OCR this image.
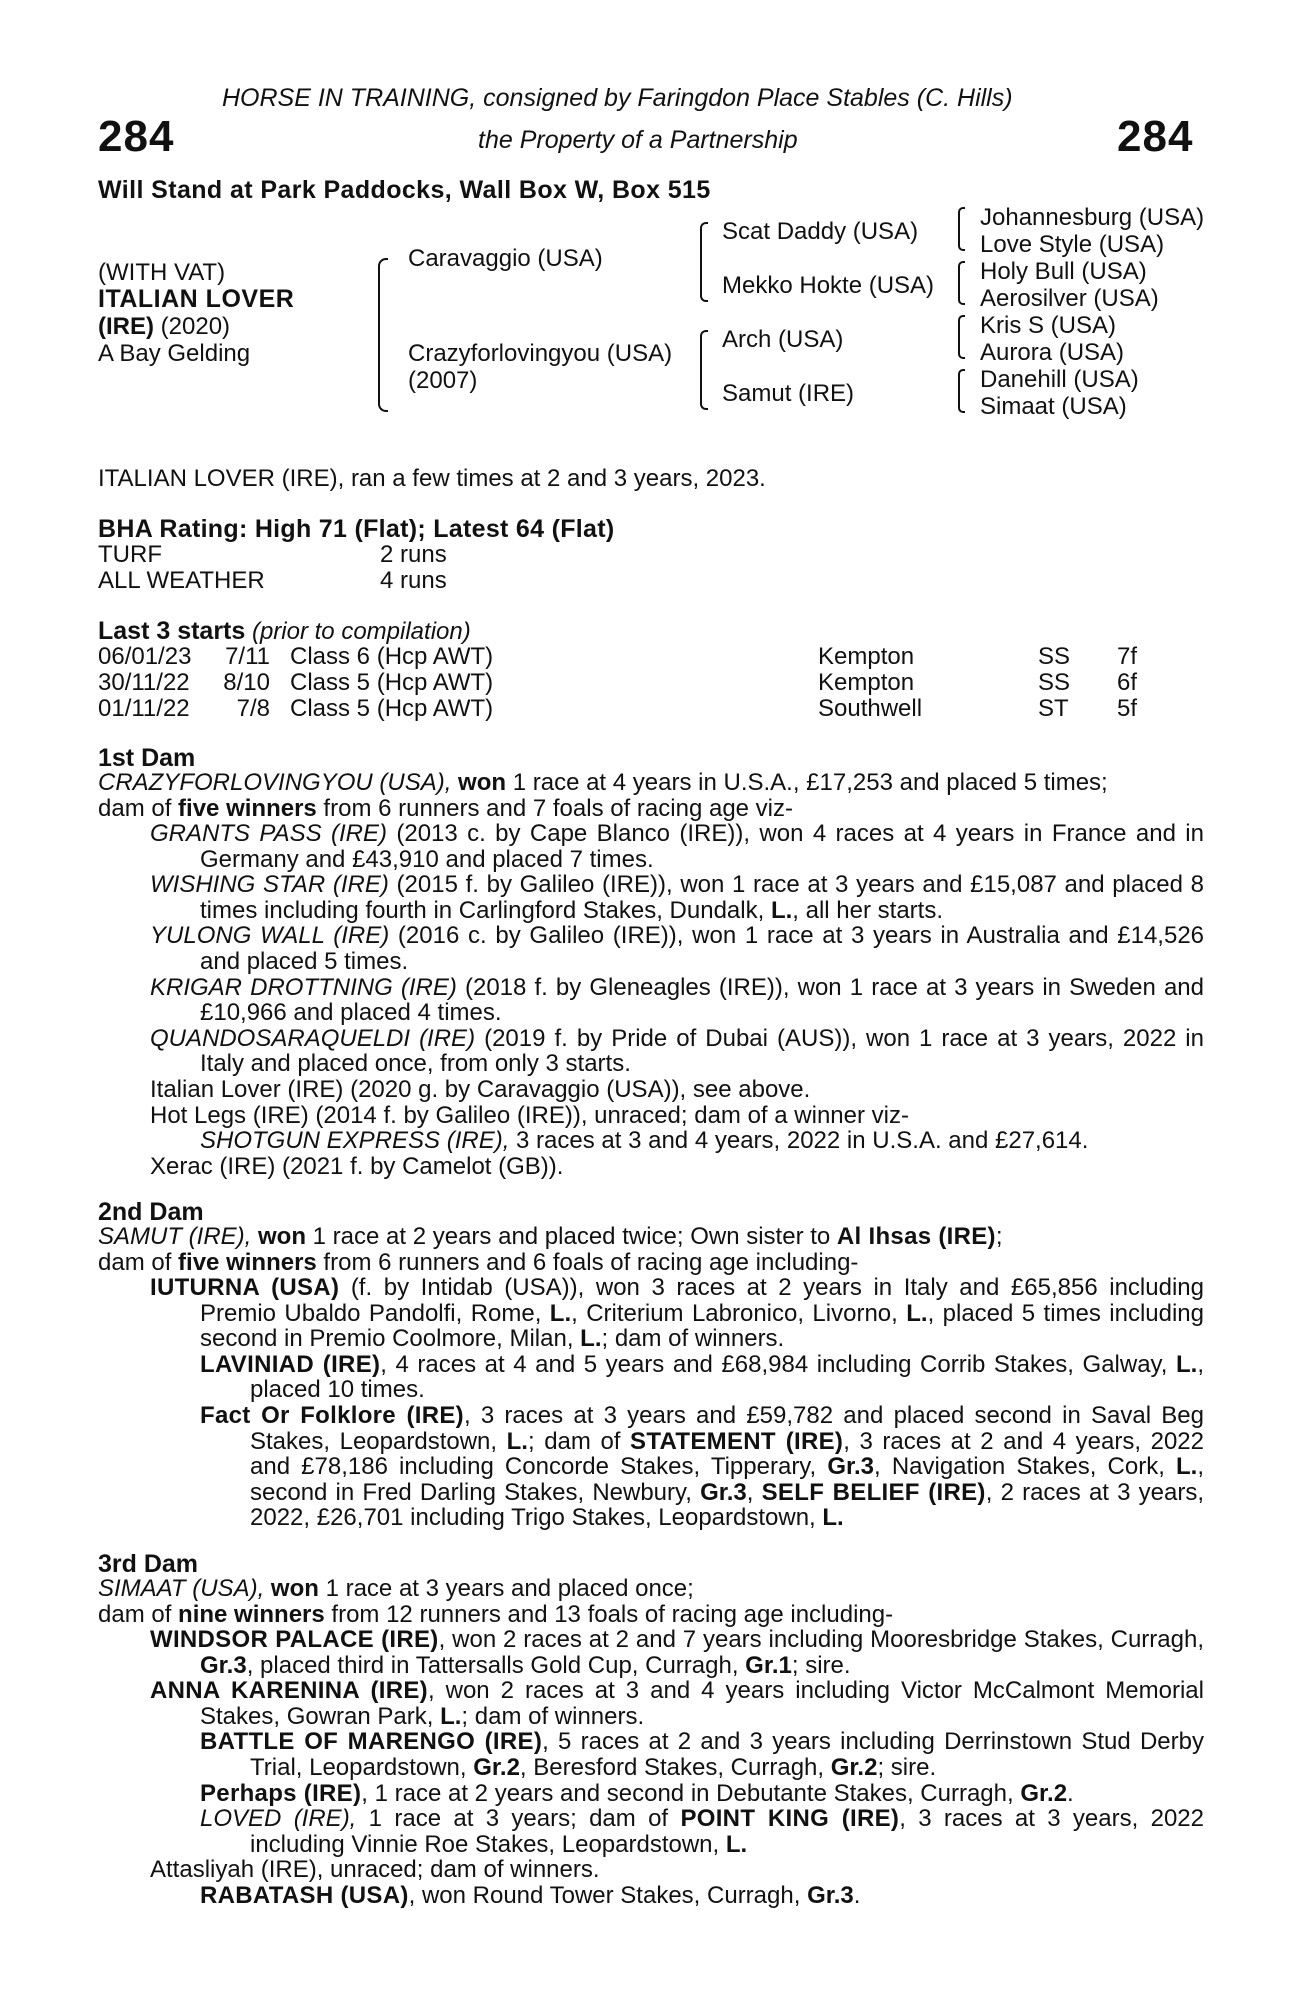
284	284
HORSE IN TRAINING, consigned by Faringdon Place Stables (C. Hills)
the Property of a Partnership
Will Stand at Park Paddocks, Wall Box W, Box 515
(WITH VAT)
ITALIAN LOVER
(IRE) (2020)
A Bay Gelding
Caravaggio (USA)
Crazyforlovingyou (USA)
(2007)
Scat Daddy (USA)
Mekko Hokte (USA)
Arch (USA)
Samut (IRE)
Johannesburg (USA)
Love Style (USA)
Holy Bull (USA)
Aerosilver (USA)
Kris S (USA)
Aurora (USA)
Danehill (USA)
Simaat (USA)
ITALIAN LOVER (IRE), ran a few times at 2 and 3 years, 2023.
BHA Rating: High 71 (Flat); Latest 64 (Flat)
TURF	2 runs
ALL WEATHER	4 runs
Last 3 starts (prior to compilation)
06/01/23	7/11 Class 6 (Hcp AWT)	Kempton	SS 7f
30/11/22	8/10 Class 5 (Hcp AWT)	Kempton	SS 6f
01/11/22	7/8 Class 5 (Hcp AWT)	Southwell	ST 5f
1st Dam
CRAZYFORLOVINGYOU (USA), won 1 race at 4 years in U.S.A., £17,253 and placed 5 times;
dam of five winners from 6 runners and 7 foals of racing age viz-
GRANTS PASS (IRE) (2013 c. by Cape Blanco (IRE)), won 4 races at 4 years in France and in Germany and £43,910 and placed 7 times.
WISHING STAR (IRE) (2015 f. by Galileo (IRE)), won 1 race at 3 years and £15,087 and placed 8 times including fourth in Carlingford Stakes, Dundalk, L., all her starts.
YULONG WALL (IRE) (2016 c. by Galileo (IRE)), won 1 race at 3 years in Australia and £14,526 and placed 5 times.
KRIGAR DROTTNING (IRE) (2018 f. by Gleneagles (IRE)), won 1 race at 3 years in Sweden and £10,966 and placed 4 times.
QUANDOSARAQUELDI (IRE) (2019 f. by Pride of Dubai (AUS)), won 1 race at 3 years, 2022 in Italy and placed once, from only 3 starts.
Italian Lover (IRE) (2020 g. by Caravaggio (USA)), see above.
Hot Legs (IRE) (2014 f. by Galileo (IRE)), unraced; dam of a winner viz-
SHOTGUN EXPRESS (IRE), 3 races at 3 and 4 years, 2022 in U.S.A. and £27,614.
Xerac (IRE) (2021 f. by Camelot (GB)).
2nd Dam
SAMUT (IRE), won 1 race at 2 years and placed twice; Own sister to Al Ihsas (IRE);
dam of five winners from 6 runners and 6 foals of racing age including-
IUTURNA (USA) (f. by Intidab (USA)), won 3 races at 2 years in Italy and £65,856 including Premio Ubaldo Pandolfi, Rome, L., Criterium Labronico, Livorno, L., placed 5 times including second in Premio Coolmore, Milan, L.; dam of winners.
LAVINIAD (IRE), 4 races at 4 and 5 years and £68,984 including Corrib Stakes, Galway, L., placed 10 times.
Fact Or Folklore (IRE), 3 races at 3 years and £59,782 and placed second in Saval Beg Stakes, Leopardstown, L.; dam of STATEMENT (IRE), 3 races at 2 and 4 years, 2022 and £78,186 including Concorde Stakes, Tipperary, Gr.3, Navigation Stakes, Cork, L., second in Fred Darling Stakes, Newbury, Gr.3, SELF BELIEF (IRE), 2 races at 3 years, 2022, £26,701 including Trigo Stakes, Leopardstown, L.
3rd Dam
SIMAAT (USA), won 1 race at 3 years and placed once;
dam of nine winners from 12 runners and 13 foals of racing age including-
WINDSOR PALACE (IRE), won 2 races at 2 and 7 years including Mooresbridge Stakes, Curragh, Gr.3, placed third in Tattersalls Gold Cup, Curragh, Gr.1; sire.
ANNA KARENINA (IRE), won 2 races at 3 and 4 years including Victor McCalmont Memorial Stakes, Gowran Park, L.; dam of winners.
BATTLE OF MARENGO (IRE), 5 races at 2 and 3 years including Derrinstown Stud Derby Trial, Leopardstown, Gr.2, Beresford Stakes, Curragh, Gr.2; sire.
Perhaps (IRE), 1 race at 2 years and second in Debutante Stakes, Curragh, Gr.2.
LOVED (IRE), 1 race at 3 years; dam of POINT KING (IRE), 3 races at 3 years, 2022 including Vinnie Roe Stakes, Leopardstown, L.
Attasliyah (IRE), unraced; dam of winners.
RABATASH (USA), won Round Tower Stakes, Curragh, Gr.3.
